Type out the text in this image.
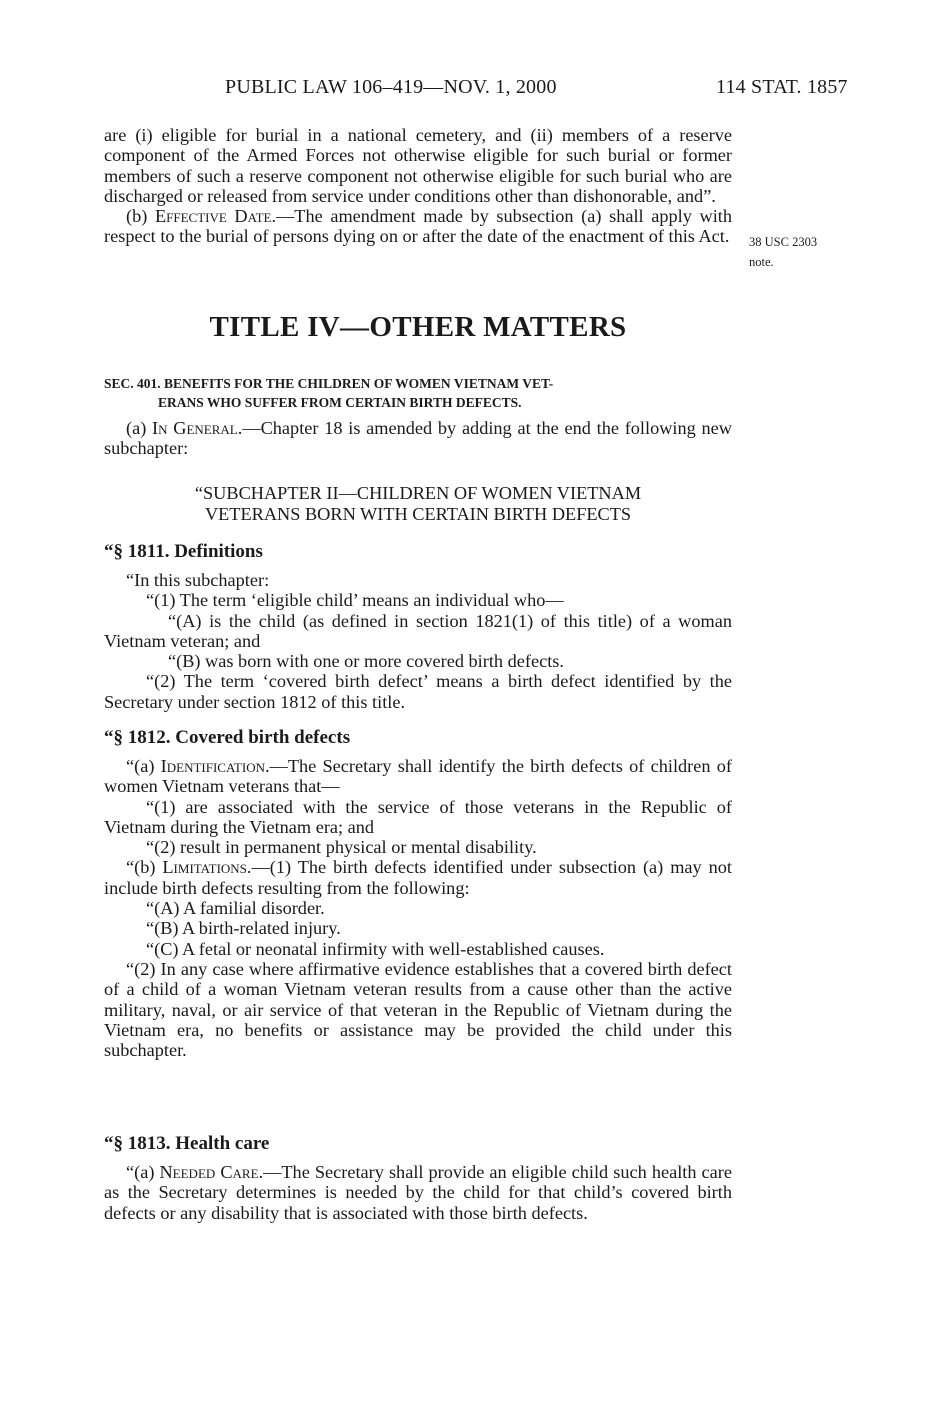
PUBLIC LAW 106–419—NOV. 1, 2000	114 STAT. 1857

are (i) eligible for burial in a national cemetery, and (ii) members of a reserve component of the Armed Forces not otherwise eligible for such burial or former members of such a reserve component not otherwise eligible for such burial who are discharged or released from service under conditions other than dishonorable, and”.

(b) Effective Date.—The amendment made by subsection (a) shall apply with respect to the burial of persons dying on or after the date of the enactment of this Act. 38 USC 2303
note.
TITLE IV—OTHER MATTERS
SEC. 401. BENEFITS FOR THE CHILDREN OF WOMEN VIETNAM VET-
ERANS WHO SUFFER FROM CERTAIN BIRTH DEFECTS.

(a) In General.—Chapter 18 is amended by adding at the end the following new subchapter:

“SUBCHAPTER II—CHILDREN OF WOMEN VIETNAM
VETERANS BORN WITH CERTAIN BIRTH DEFECTS
“§ 1811. Definitions

“In this subchapter:

“(1) The term ‘eligible child’ means an individual who—

“(A) is the child (as defined in section 1821(1) of this title) of a woman Vietnam veteran; and

“(B) was born with one or more covered birth defects.

“(2) The term ‘covered birth defect’ means a birth defect identified by the Secretary under section 1812 of this title.

“§ 1812. Covered birth defects

“(a) Identification.—The Secretary shall identify the birth defects of children of women Vietnam veterans that—

“(1) are associated with the service of those veterans in the Republic of Vietnam during the Vietnam era; and

“(2) result in permanent physical or mental disability.

“(b) Limitations.—(1) The birth defects identified under subsection (a) may not include birth defects resulting from the following:

“(A) A familial disorder.

“(B) A birth-related injury.

“(C) A fetal or neonatal infirmity with well-established causes.

“(2) In any case where affirmative evidence establishes that a covered birth defect of a child of a woman Vietnam veteran results from a cause other than the active military, naval, or air service of that veteran in the Republic of Vietnam during the Vietnam era, no benefits or assistance may be provided the child under this subchapter.

“§ 1813. Health care

“(a) Needed Care.—The Secretary shall provide an eligible child such health care as the Secretary determines is needed by the child for that child’s covered birth defects or any disability that is associated with those birth defects.
